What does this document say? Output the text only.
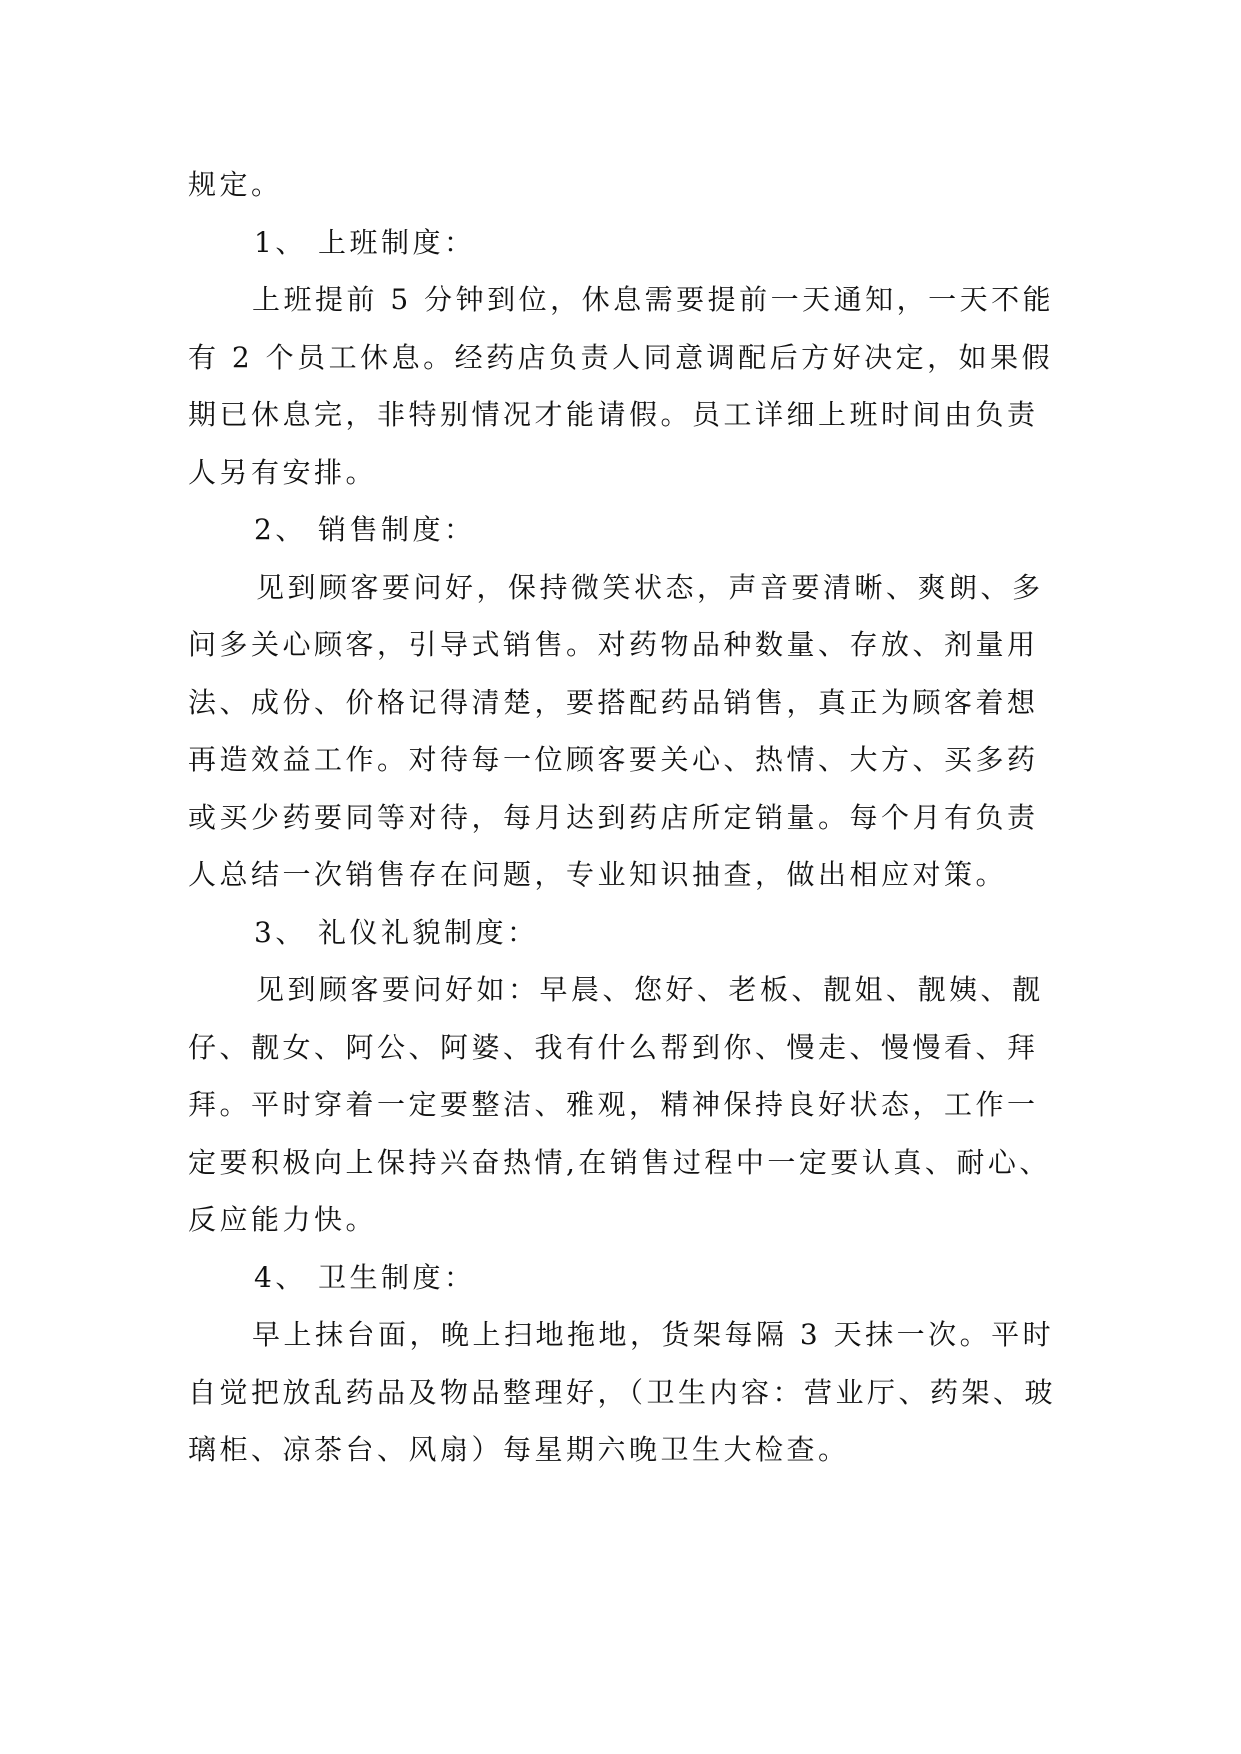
规定。

1、 上班制度：

上班提前 5 分钟到位，休息需要提前一天通知，一天不能有 2 个员工休息。经药店负责人同意调配后方好决定，如果假期已休息完，非特别情况才能请假。员工详细上班时间由负责人另有安排。

2、 销售制度：

见到顾客要问好，保持微笑状态，声音要清晰、爽朗、多问多关心顾客，引导式销售。对药物品种数量、存放、剂量用法、成份、价格记得清楚，要搭配药品销售，真正为顾客着想再造效益工作。对待每一位顾客要关心、热情、大方、买多药或买少药要同等对待，每月达到药店所定销量。每个月有负责人总结一次销售存在问题，专业知识抽查，做出相应对策。

3、 礼仪礼貌制度：

见到顾客要问好如：早晨、您好、老板、靓姐、靓姨、靓仔、靓女、阿公、阿婆、我有什么帮到你、慢走、慢慢看、拜拜。平时穿着一定要整洁、雅观，精神保持良好状态，工作一定要积极向上保持兴奋热情,在销售过程中一定要认真、耐心、反应能力快。

4、 卫生制度：

早上抹台面，晚上扫地拖地，货架每隔 3 天抹一次。平时自觉把放乱药品及物品整理好，（卫生内容：营业厅、药架、玻璃柜、凉茶台、风扇）每星期六晚卫生大检查。
